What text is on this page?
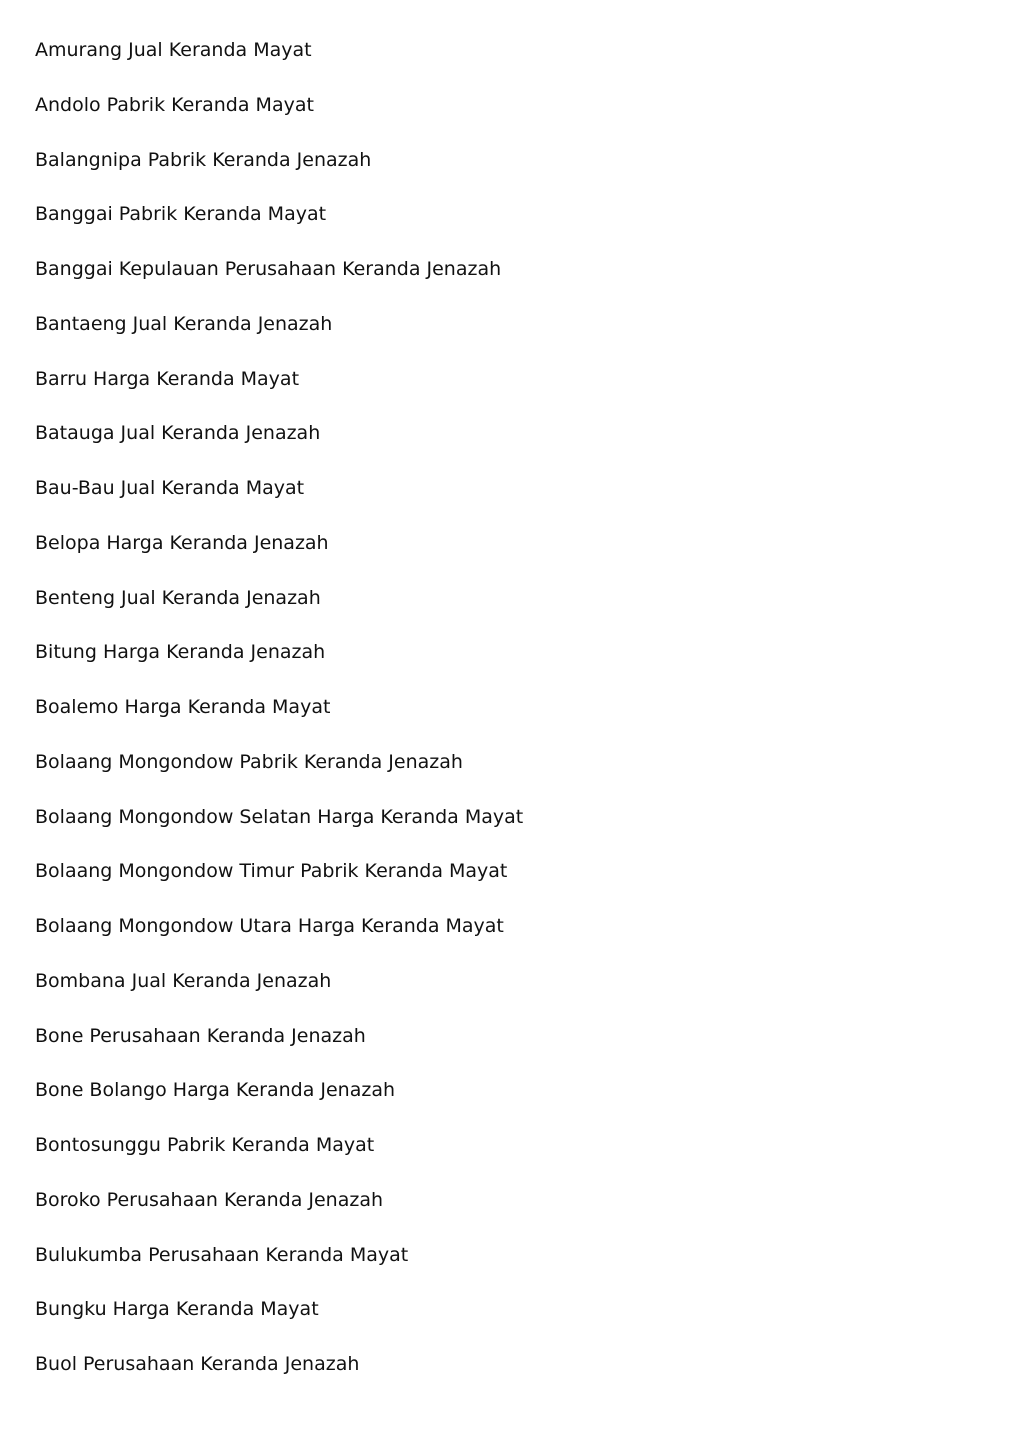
Amurang Jual Keranda Mayat
Andolo Pabrik Keranda Mayat
Balangnipa Pabrik Keranda Jenazah
Banggai Pabrik Keranda Mayat
Banggai Kepulauan Perusahaan Keranda Jenazah
Bantaeng Jual Keranda Jenazah
Barru Harga Keranda Mayat
Batauga Jual Keranda Jenazah
Bau-Bau Jual Keranda Mayat
Belopa Harga Keranda Jenazah
Benteng Jual Keranda Jenazah
Bitung Harga Keranda Jenazah
Boalemo Harga Keranda Mayat
Bolaang Mongondow Pabrik Keranda Jenazah
Bolaang Mongondow Selatan Harga Keranda Mayat
Bolaang Mongondow Timur Pabrik Keranda Mayat
Bolaang Mongondow Utara Harga Keranda Mayat
Bombana Jual Keranda Jenazah
Bone Perusahaan Keranda Jenazah
Bone Bolango Harga Keranda Jenazah
Bontosunggu Pabrik Keranda Mayat
Boroko Perusahaan Keranda Jenazah
Bulukumba Perusahaan Keranda Mayat
Bungku Harga Keranda Mayat
Buol Perusahaan Keranda Jenazah
